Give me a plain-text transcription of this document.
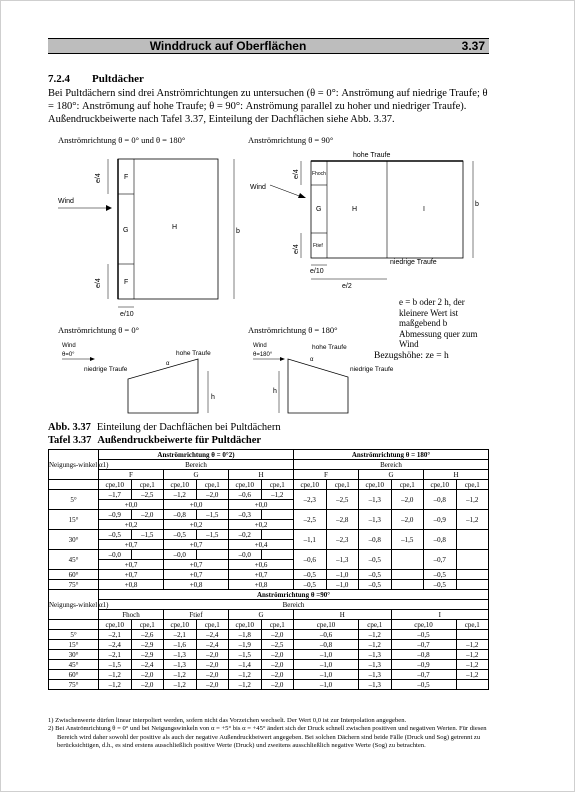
Winddruck auf Oberflächen	3.37
7.2.4 Pultdächer
Bei Pultdächern sind drei Anströmrichtungen zu untersuchen (θ = 0°: Anströmung auf niedrige Traufe; θ = 180°: Anströmung auf hohe Traufe; θ = 90°: Anströmung parallel zu hoher und niedriger Traufe). Außendruckbeiwerte nach Tafel 3.37, Einteilung der Dachflächen siehe Abb. 3.37.
Anströmrichtung θ = 0° und θ = 180°
F
G
F
H
Wind
b
e/4
e/4
e/10
Anströmrichtung θ = 90°
hohe Traufe
Fhoch
G
Ftief
H	I
niedrige Traufe
Wind
b
e/4
e/4
e/10
e/2
Anströmrichtung θ = 0°
Wind
θ=0°	hohe Traufe
niedrige Traufe
α
h
Anströmrichtung θ = 180°
Wind
θ=180°
hohe Traufe
niedrige Traufe
α
h
e = b oder 2 h, der kleinere Wert ist maßgebend b Abmessung quer zum Wind
Bezugshöhe: ze = h
Abb. 3.37 Einteilung der Dachflächen bei Pultdächern
Tafel 3.37 Außendruckbeiwerte für Pultdächer
Neigungs-winkel α1)	Anströmrichtung θ = 0°2)						Anströmrichtung θ = 180°					
	Bereich						Bereich					
	F		G		H		F		G		H	
	cpe,10	cpe,1	cpe,10	cpe,1	cpe,10	cpe,1	cpe,10	cpe,1	cpe,10	cpe,1	cpe,10	cpe,1
5°	–1,7	–2,5	–1,2	–2,0	–0,6	–1,2	–2,3	–2,5	–1,3	–2,0	–0,8	–1,2
	+0,0		+0,0		+0,0							
15°	–0,9	–2,0	–0,8	–1,5	–0,3		–2,5	–2,8	–1,3	–2,0	–0,9	–1,2
	+0,2		+0,2		+0,2							
30°	–0,5	–1,5	–0,5	–1,5	–0,2		–1,1	–2,3	–0,8	–1,5	–0,8	
	+0,7		+0,7		+0,4							
45°	–0,0		–0,0		–0,0		–0,6	–1,3	–0,5		–0,7	
	+0,7		+0,7		+0,6							
60°	+0,7		+0,7		+0,7		–0,5	–1,0	–0,5		–0,5	
75°	+0,8		+0,8		+0,8		–0,5	–1,0	–0,5		–0,5	
Neigungs-winkel α1)	Anströmrichtung θ =90°											
	Bereich											
	Fhoch		Ftief		G		H			I		
	cpe,10	cpe,1	cpe,10	cpe,1	cpe,10	cpe,1	cpe,10		cpe,1	cpe,10		cpe,1
5°	–2,1	–2,6	–2,1	–2,4	–1,8	–2,0	–0,6		–1,2	–0,5		
15°	–2,4	–2,9	–1,6	–2,4	–1,9	–2,5	–0,8		–1,2	–0,7		–1,2
30°	–2,1	–2,9	–1,3	–2,0	–1,5	–2,0	–1,0		–1,3	–0,8		–1,2
45°	–1,5	–2,4	–1,3	–2,0	–1,4	–2,0	–1,0		–1,3	–0,9		–1,2
60°	–1,2	–2,0	–1,2	–2,0	–1,2	–2,0	–1,0		–1,3	–0,7		–1,2
75°	–1,2	–2,0	–1,2	–2,0	–1,2	–2,0	–1,0		–1,3	–0,5		

1) Zwischenwerte dürfen linear interpoliert werden, sofern nicht das Vorzeichen wechselt. Der Wert 0,0 ist zur Interpolation angegeben.

2) Bei Anströmrichtung θ = 0° und bei Neigungswinkeln von α = +5° bis α = +45° ändert sich der Druck schnell zwischen positiven und negativen Werten. Für diesen Bereich wird daher sowohl der positive als auch der negative Außendruckbeiwert angegeben. Bei solchen Dächern sind beide Fälle (Druck und Sog) getrennt zu berücksichtigen, d.h., es sind erstens ausschließlich positive Werte (Druck) und zweitens ausschließlich negative Werte (Sog) zu betrachten.
